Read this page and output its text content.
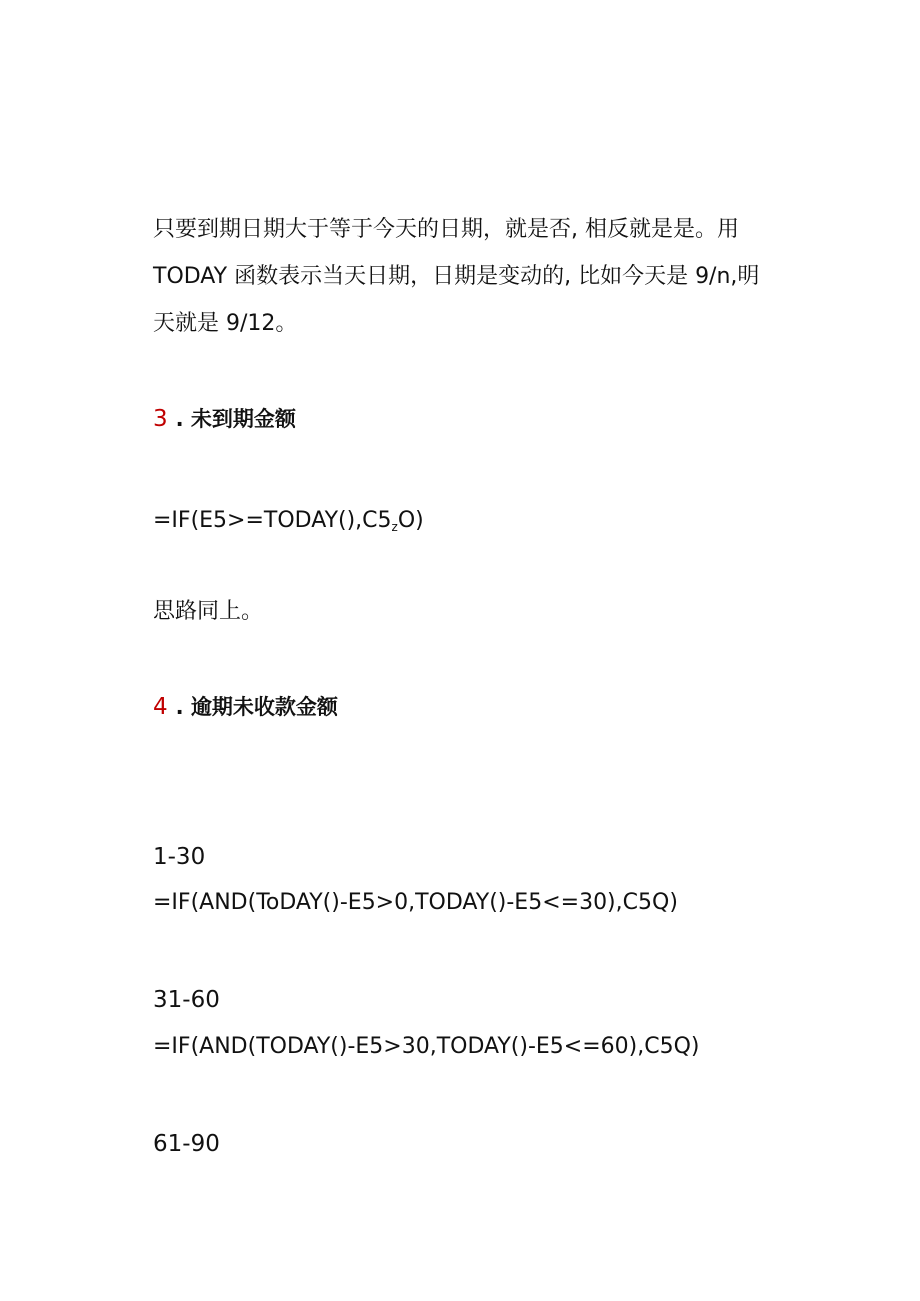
只要到期日期大于等于今天的日期，就是否, 相反就是是。用
TODAY 函数表示当天日期，日期是变动的, 比如今天是 9/n,明
天就是 9/12。
3 . 未到期金额
$=IF(E5>=TODAY(),C5_zO)$
思路同上。
4 . 逾期未收款金额
1-30
=IF(AND(ToDAY()-E5>0,TODAY()-E5<=30),C5Q)
31-60
=IF(AND(TODAY()-E5>30,TODAY()-E5<=60),C5Q)
61-90
